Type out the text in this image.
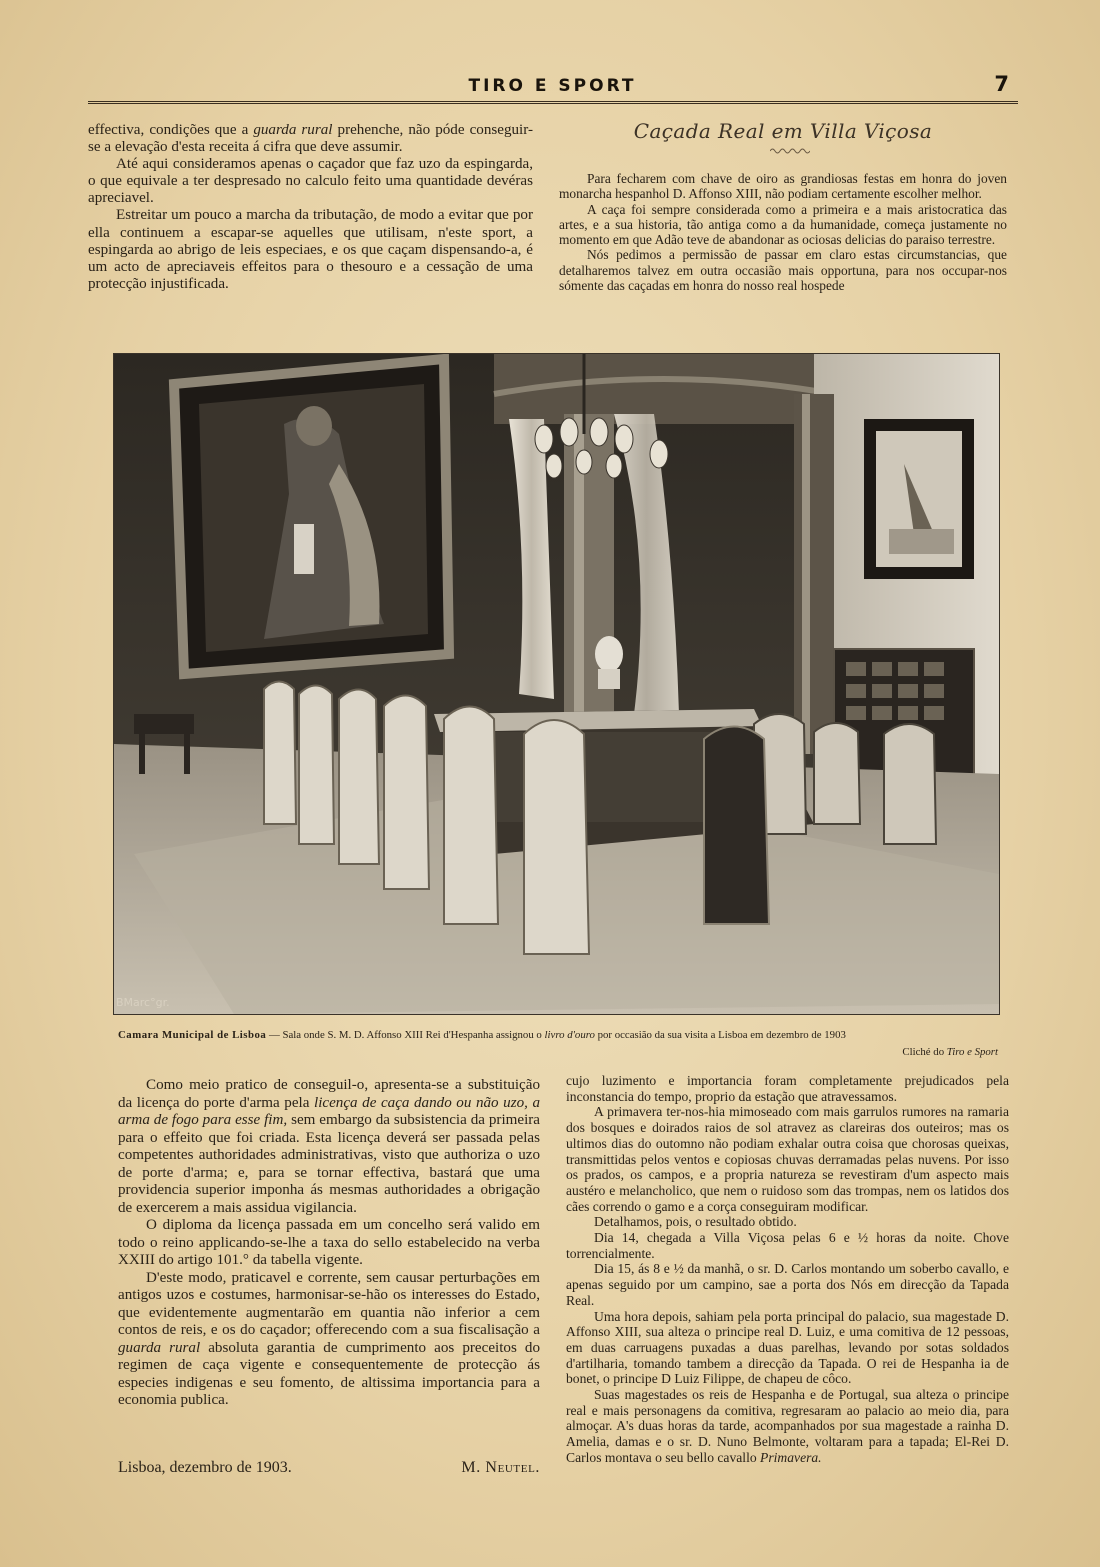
TIRO E SPORT	7

effectiva, condições que a guarda rural prehenche, não póde conseguir-se a elevação d'esta receita á cifra que deve assumir.

Até aqui consideramos apenas o caçador que faz uzo da espingarda, o que equivale a ter despresado no calculo feito uma quantidade devéras apreciavel.

Estreitar um pouco a marcha da tributação, de modo a evitar que por ella continuem a escapar-se aquelles que utilisam, n'este sport, a espingarda ao abrigo de leis especiaes, e os que caçam dispensando-a, é um acto de apreciaveis effeitos para o thesouro e a cessação de uma protecção injustificada.

Caçada Real em Villa Viçosa

Para fecharem com chave de oiro as grandiosas festas em honra do joven monarcha hespanhol D. Affonso XIII, não podiam certamente escolher melhor.

A caça foi sempre considerada como a primeira e a mais aristocratica das artes, e a sua historia, tão antiga como a da humanidade, começa justamente no momento em que Adão teve de abandonar as ociosas delicias do paraiso terrestre.

Nós pedimos a permissão de passar em claro estas circumstancias, que detalharemos talvez em outra occasião mais opportuna, para nos occupar-nos sómente das caçadas em honra do nosso real hospede

BMarc°gr.
Camara Municipal de Lisboa — Sala onde S. M. D. Affonso XIII Rei d'Hespanha assignou o livro d'ouro por occasião da sua visita a Lisboa em dezembro de 1903
Cliché do Tiro e Sport

Como meio pratico de conseguil-o, apresenta-se a substituição da licença do porte d'arma pela licença de caça dando ou não uzo, a arma de fogo para esse fim, sem embargo da subsistencia da primeira para o effeito que foi criada. Esta licença deverá ser passada pelas competentes authoridades administrativas, visto que authoriza o uzo de porte d'arma; e, para se tornar effectiva, bastará que uma providencia superior imponha ás mesmas authoridades a obrigação de exercerem a mais assidua vigilancia.

O diploma da licença passada em um concelho será valido em todo o reino applicando-se-lhe a taxa do sello estabelecido na verba XXIII do artigo 101.° da tabella vigente.

D'este modo, praticavel e corrente, sem causar perturbações em antigos uzos e costumes, harmonisar-se-hão os interesses do Estado, que evidentemente augmentarão em quantia não inferior a cem contos de reis, e os do caçador; offerecendo com a sua fiscalisação a guarda rural absoluta garantia de cumprimento aos preceitos do regimen de caça vigente e consequentemente de protecção ás especies indigenas e seu fomento, de altissima importancia para a economia publica.

Lisboa, dezembro de 1903.	M. Neutel.

cujo luzimento e importancia foram completamente prejudicados pela inconstancia do tempo, proprio da estação que atravessamos.

A primavera ter-nos-hia mimoseado com mais garrulos rumores na ramaria dos bosques e doirados raios de sol atravez as clareiras dos outeiros; mas os ultimos dias do outomno não podiam exhalar outra coisa que chorosas queixas, transmittidas pelos ventos e copiosas chuvas derramadas pelas nuvens. Por isso os prados, os campos, e a propria natureza se revestiram d'um aspecto mais austéro e melancholico, que nem o ruidoso som das trompas, nem os latidos dos cães correndo o gamo e a corça conseguiram modificar.

Detalhamos, pois, o resultado obtido.

Dia 14, chegada a Villa Viçosa pelas 6 e ½ horas da noite. Chove torrencialmente.

Dia 15, ás 8 e ½ da manhã, o sr. D. Carlos montando um soberbo cavallo, e apenas seguido por um campino, sae a porta dos Nós em direcção da Tapada Real.

Uma hora depois, sahiam pela porta principal do palacio, sua magestade D. Affonso XIII, sua alteza o principe real D. Luiz, e uma comitiva de 12 pessoas, em duas carruagens puxadas a duas parelhas, levando por sotas soldados d'artilharia, tomando tambem a direcção da Tapada. O rei de Hespanha ia de bonet, o principe D Luiz Filippe, de chapeu de côco.

Suas magestades os reis de Hespanha e de Portugal, sua alteza o principe real e mais personagens da comitiva, regresaram ao palacio ao meio dia, para almoçar. A's duas horas da tarde, acompanhados por sua magestade a rainha D. Amelia, damas e o sr. D. Nuno Belmonte, voltaram para a tapada; El-Rei D. Carlos montava o seu bello cavallo Primavera.
